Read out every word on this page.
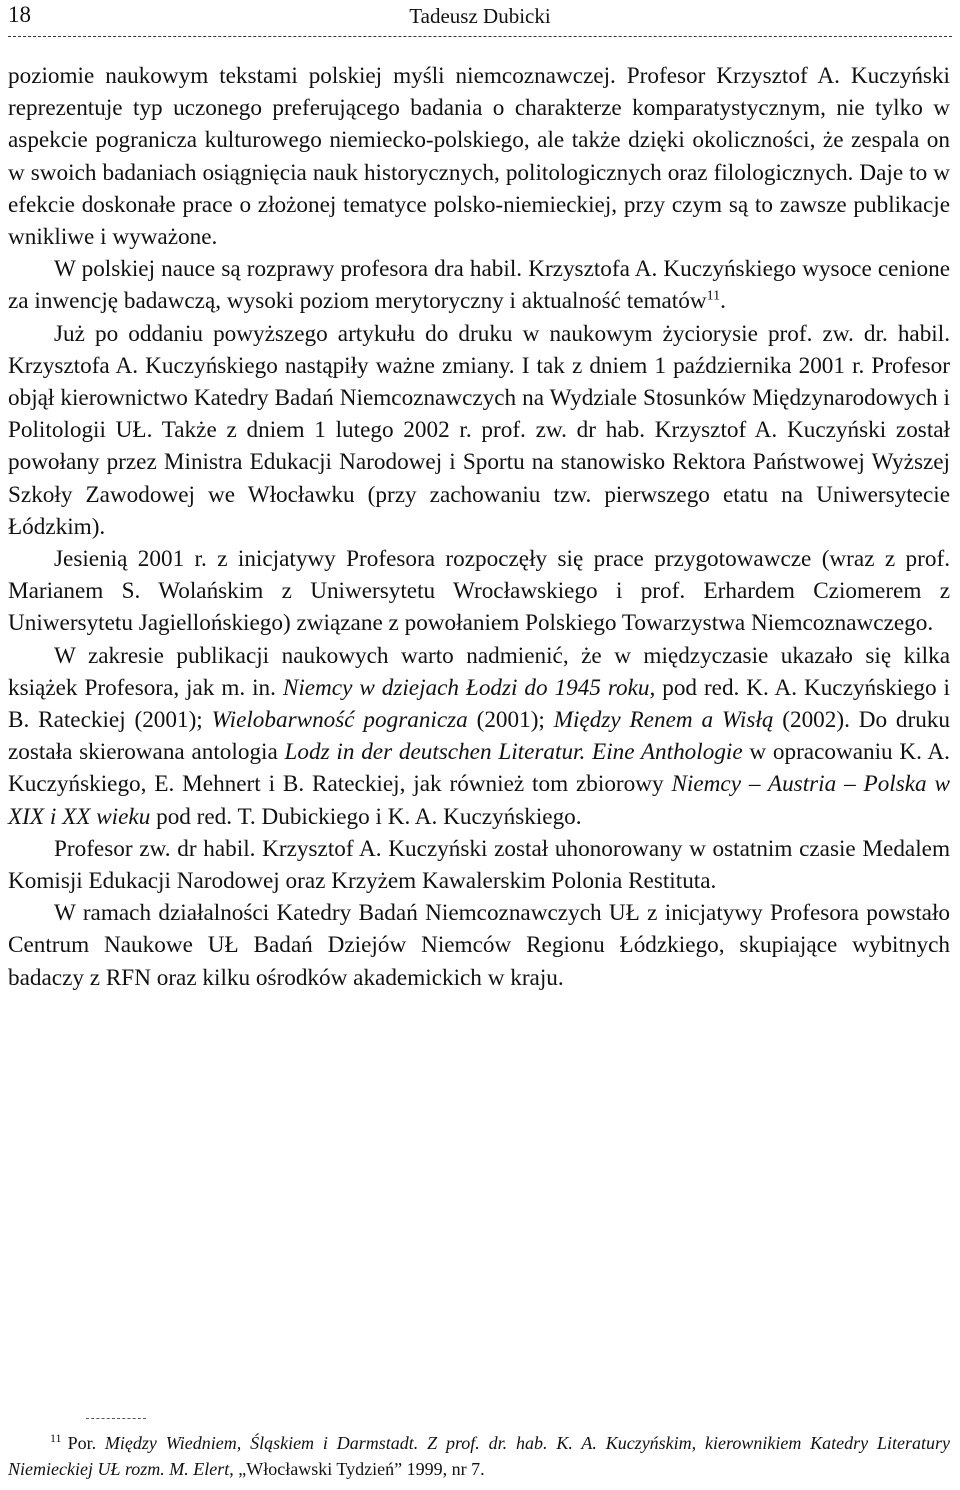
18	Tadeusz Dubicki

poziomie naukowym tekstami polskiej myśli niemcoznawczej. Profesor Krzysztof A. Kuczyński reprezentuje typ uczonego preferującego badania o charakterze komparatystycznym, nie tylko w aspekcie pogranicza kulturowego niemiecko-polskiego, ale także dzięki okoliczności, że zespala on w swoich badaniach osiągnięcia nauk historycznych, politologicznych oraz filologicznych. Daje to w efekcie doskonałe prace o złożonej tematyce polsko-niemieckiej, przy czym są to zawsze publikacje wnikliwe i wyważone.

W polskiej nauce są rozprawy profesora dra habil. Krzysztofa A. Kuczyńskiego wysoce cenione za inwencję badawczą, wysoki poziom merytoryczny i aktualność tematów$^{11}$.

Już po oddaniu powyższego artykułu do druku w naukowym życiorysie prof. zw. dr. habil. Krzysztofa A. Kuczyńskiego nastąpiły ważne zmiany. I tak z dniem 1 października 2001 r. Profesor objął kierownictwo Katedry Badań Niemcoznawczych na Wydziale Stosunków Międzynarodowych i Politologii UŁ. Także z dniem 1 lutego 2002 r. prof. zw. dr hab. Krzysztof A. Kuczyński został powołany przez Ministra Edukacji Narodowej i Sportu na stanowisko Rektora Państwowej Wyższej Szkoły Zawodowej we Włocławku (przy zachowaniu tzw. pierwszego etatu na Uniwersytecie Łódzkim).

Jesienią 2001 r. z inicjatywy Profesora rozpoczęły się prace przygotowawcze (wraz z prof. Marianem S. Wolańskim z Uniwersytetu Wrocławskiego i prof. Erhardem Cziomerem z Uniwersytetu Jagiellońskiego) związane z powołaniem Polskiego Towarzystwa Niemcoznawczego.

W zakresie publikacji naukowych warto nadmienić, że w międzyczasie ukazało się kilka książek Profesora, jak m. in. Niemcy w dziejach Łodzi do 1945 roku, pod red. K. A. Kuczyńskiego i B. Rateckiej (2001); Wielobarwność pogranicza (2001); Między Renem a Wisłą (2002). Do druku została skierowana antologia Lodz in der deutschen Literatur. Eine Anthologie w opracowaniu K. A. Kuczyńskiego, E. Mehnert i B. Rateckiej, jak również tom zbiorowy Niemcy – Austria – Polska w XIX i XX wieku pod red. T. Dubickiego i K. A. Kuczyńskiego.

Profesor zw. dr habil. Krzysztof A. Kuczyński został uhonorowany w ostatnim czasie Medalem Komisji Edukacji Narodowej oraz Krzyżem Kawalerskim Polonia Restituta.

W ramach działalności Katedry Badań Niemcoznawczych UŁ z inicjatywy Profesora powstało Centrum Naukowe UŁ Badań Dziejów Niemców Regionu Łódzkiego, skupiające wybitnych badaczy z RFN oraz kilku ośrodków akademickich w kraju.

$^{11}$ Por. Między Wiedniem, Śląskiem i Darmstadt. Z prof. dr. hab. K. A. Kuczyńskim, kierownikiem Katedry Literatury Niemieckiej UŁ rozm. M. Elert, „Włocławski Tydzień” 1999, nr 7.
